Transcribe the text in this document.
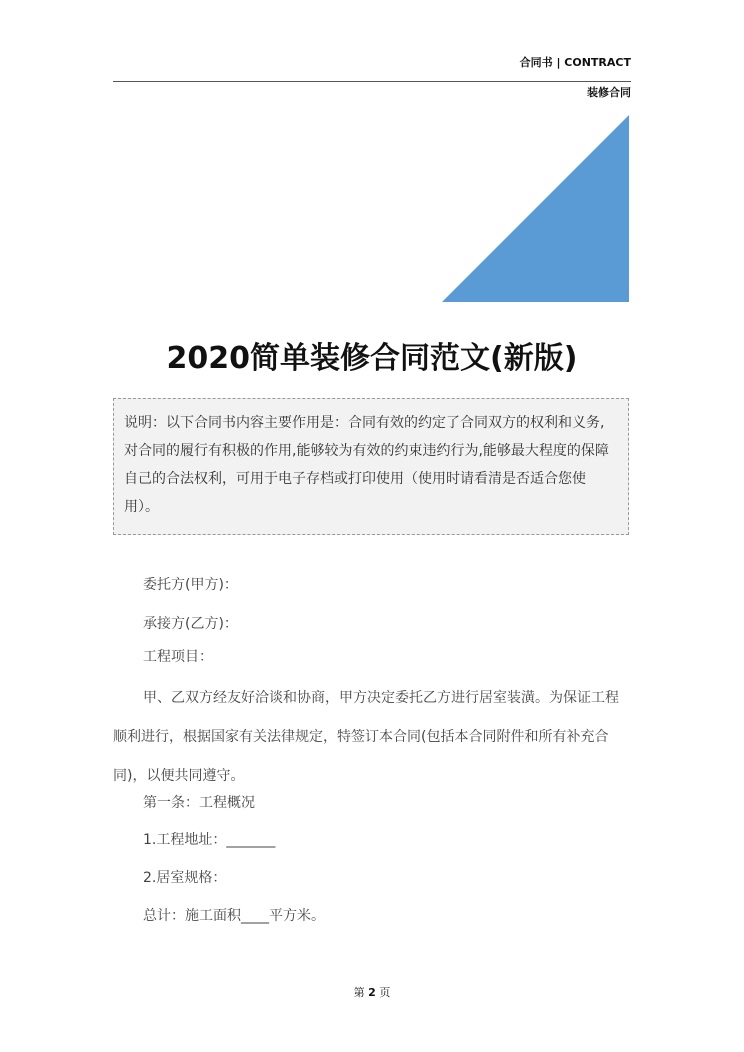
合同书 | CONTRACT
装修合同
2020简单装修合同范文(新版)
说明：以下合同书内容主要作用是：合同有效的约定了合同双方的权利和义务,对合同的履行有积极的作用,能够较为有效的约束违约行为,能够最大程度的保障自己的合法权利，可用于电子存档或打印使用（使用时请看清是否适合您使用）。
委托方(甲方)：
承接方(乙方)：
工程项目：
甲、乙双方经友好洽谈和协商，甲方决定委托乙方进行居室装潢。为保证工程顺利进行，根据国家有关法律规定，特签订本合同(包括本合同附件和所有补充合同)，以便共同遵守。
第一条：工程概况
1.工程地址：_______
2.居室规格：
总计：施工面积____平方米。
第 2 页
